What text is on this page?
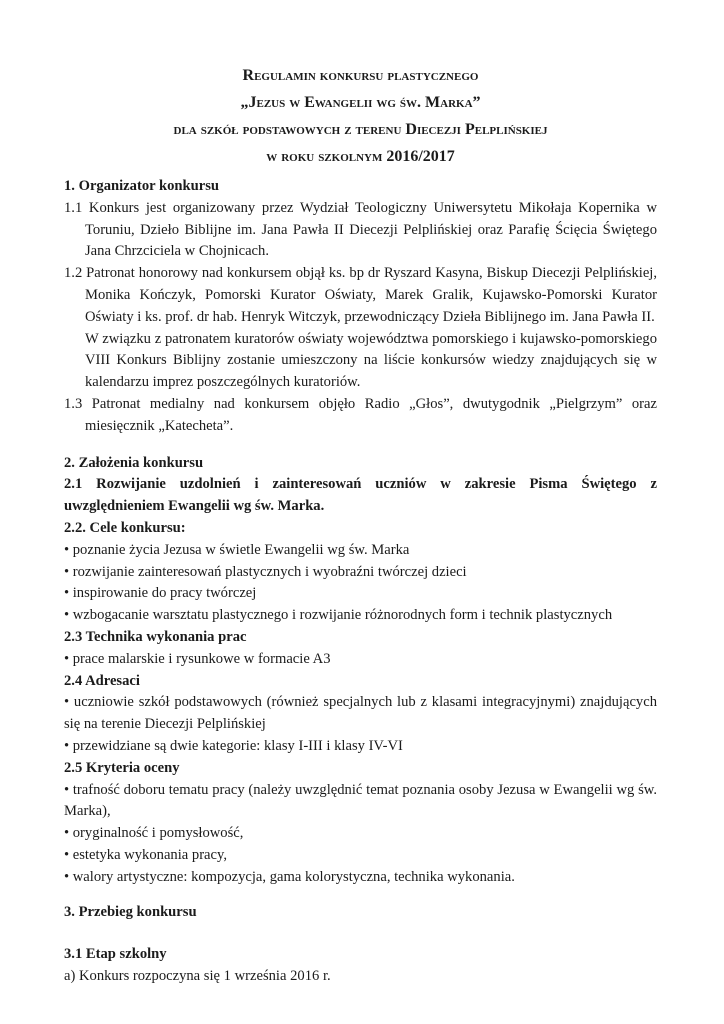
Regulamin konkursu plastycznego
„Jezus w Ewangelii wg św. Marka”
dla szkół podstawowych z terenu Diecezji Pelplińskiej
w roku szkolnym 2016/2017

1. Organizator konkursu

1.1 Konkurs jest organizowany przez Wydział Teologiczny Uniwersytetu Mikołaja Kopernika w Toruniu, Dzieło Biblijne im. Jana Pawła II Diecezji Pelplińskiej oraz Parafię Ścięcia Świętego Jana Chrzciciela w Chojnicach.

1.2 Patronat honorowy nad konkursem objął ks. bp dr Ryszard Kasyna, Biskup Diecezji Pelplińskiej, Monika Kończyk, Pomorski Kurator Oświaty, Marek Gralik, Kujawsko-Pomorski Kurator Oświaty i ks. prof. dr hab. Henryk Witczyk, przewodniczący Dzieła Biblijnego im. Jana Pawła II.

W związku z patronatem kuratorów oświaty województwa pomorskiego i kujawsko-pomorskiego VIII Konkurs Biblijny zostanie umieszczony na liście konkursów wiedzy znajdujących się w kalendarzu imprez poszczególnych kuratoriów.

1.3 Patronat medialny nad konkursem objęło Radio „Głos”, dwutygodnik „Pielgrzym” oraz miesięcznik „Katecheta”.

2. Założenia konkursu

2.1 Rozwijanie uzdolnień i zainteresowań uczniów w zakresie Pisma Świętego z uwzględnieniem Ewangelii wg św. Marka.

2.2. Cele konkursu:

• poznanie życia Jezusa w świetle Ewangelii wg św. Marka

• rozwijanie zainteresowań plastycznych i wyobraźni twórczej dzieci

• inspirowanie do pracy twórczej

• wzbogacanie warsztatu plastycznego i rozwijanie różnorodnych form i technik plastycznych

2.3 Technika wykonania prac

• prace malarskie i rysunkowe w formacie A3

2.4 Adresaci

• uczniowie szkół podstawowych (również specjalnych lub z klasami integracyjnymi) znajdujących się na terenie Diecezji Pelplińskiej

• przewidziane są dwie kategorie: klasy I-III i klasy IV-VI

2.5 Kryteria oceny

• trafność doboru tematu pracy (należy uwzględnić temat poznania osoby Jezusa w Ewangelii wg św. Marka),

• oryginalność i pomysłowość,

• estetyka wykonania pracy,

• walory artystyczne: kompozycja, gama kolorystyczna, technika wykonania.

3. Przebieg konkursu

3.1 Etap szkolny

a) Konkurs rozpoczyna się 1 września 2016 r.
